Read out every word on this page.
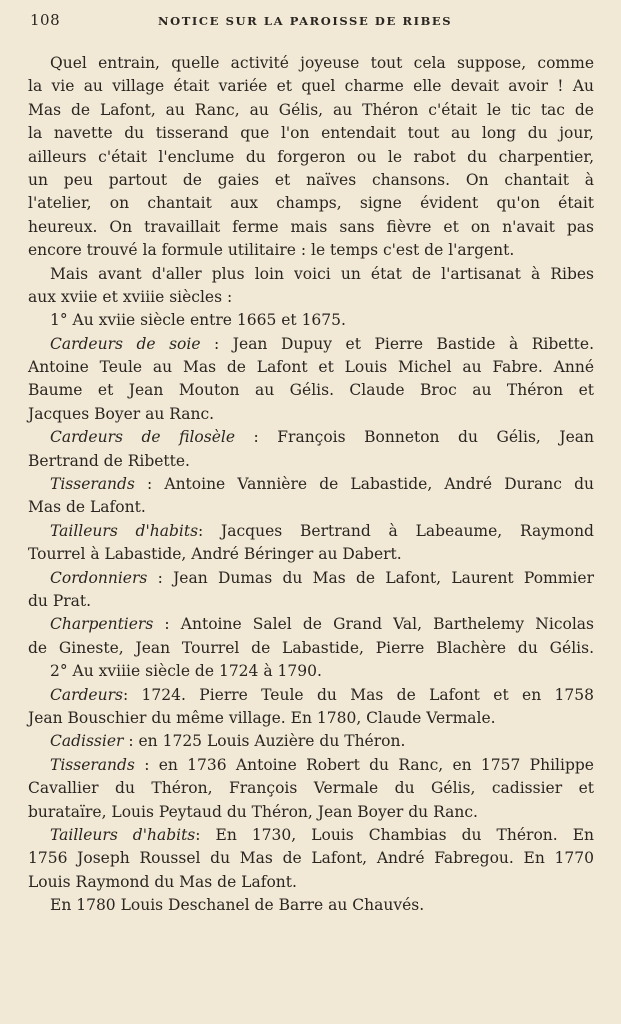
108	NOTICE SUR LA PAROISSE DE RIBES
Quel entrain, quelle activité joyeuse tout cela suppose, comme
la vie au village était variée et quel charme elle devait avoir ! Au
Mas de Lafont, au Ranc, au Gélis, au Théron c'était le tic tac de
la navette du tisserand que l'on entendait tout au long du jour,
ailleurs c'était l'enclume du forgeron ou le rabot du charpentier,
un peu partout de gaies et naïves chansons. On chantait à
l'atelier, on chantait aux champs, signe évident qu'on était
heureux. On travaillait ferme mais sans fièvre et on n'avait pas
encore trouvé la formule utilitaire : le temps c'est de l'argent.
Mais avant d'aller plus loin voici un état de l'artisanat à Ribes
aux xviie et xviiie siècles :
1° Au xviie siècle entre 1665 et 1675.
Cardeurs de soie : Jean Dupuy et Pierre Bastide à Ribette.
Antoine Teule au Mas de Lafont et Louis Michel au Fabre. Anné
Baume et Jean Mouton au Gélis. Claude Broc au Théron et
Jacques Boyer au Ranc.
Cardeurs de filosèle : François Bonneton du Gélis, Jean
Bertrand de Ribette.
Tisserands : Antoine Vannière de Labastide, André Duranc du
Mas de Lafont.
Tailleurs d'habits: Jacques Bertrand à Labeaume, Raymond
Tourrel à Labastide, André Béringer au Dabert.
Cordonniers : Jean Dumas du Mas de Lafont, Laurent Pommier
du Prat.
Charpentiers : Antoine Salel de Grand Val, Barthelemy Nicolas
de Gineste, Jean Tourrel de Labastide, Pierre Blachère du Gélis.
2° Au xviiie siècle de 1724 à 1790.
Cardeurs: 1724. Pierre Teule du Mas de Lafont et en 1758
Jean Bouschier du même village. En 1780, Claude Vermale.
Cadissier : en 1725 Louis Auzière du Théron.
Tisserands : en 1736 Antoine Robert du Ranc, en 1757 Philippe
Cavallier du Théron, François Vermale du Gélis, cadissier et
burataïre, Louis Peytaud du Théron, Jean Boyer du Ranc.
Tailleurs d'habits: En 1730, Louis Chambias du Théron. En
1756 Joseph Roussel du Mas de Lafont, André Fabregou. En 1770
Louis Raymond du Mas de Lafont.
En 1780 Louis Deschanel de Barre au Chauvés.
